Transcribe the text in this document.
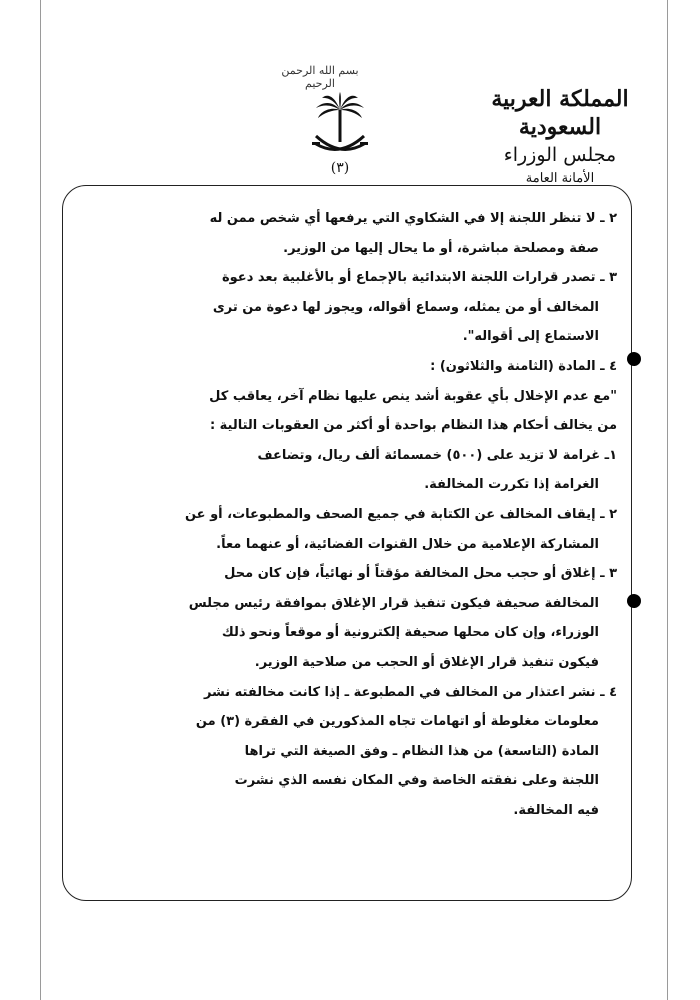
بسم الله الرحمن الرحيم
(٣)
المملكة العربية السعودية
مجلس الوزراء
الأمانة العامة
٢ ـ لا تنظر اللجنة إلا في الشكاوي التي يرفعها أي شخص ممن له
صفة ومصلحة مباشرة، أو ما يحال إليها من الوزير.
٣ ـ تصدر قرارات اللجنة الابتدائية بالإجماع أو بالأغلبية بعد دعوة
المخالف أو من يمثله، وسماع أقواله، ويجوز لها دعوة من ترى
الاستماع إلى أقواله".
٤ ـ المادة (الثامنة والثلاثون) :
"مع عدم الإخلال بأي عقوبة أشد ينص عليها نظام آخر، يعاقب كل
من يخالف أحكام هذا النظام بواحدة أو أكثر من العقوبات التالية :
١ـ غرامة لا تزيد على (٥٠٠) خمسمائة ألف ريال، وتضاعف
الغرامة إذا تكررت المخالفة.
٢ ـ إيقاف المخالف عن الكتابة في جميع الصحف والمطبوعات، أو عن
المشاركة الإعلامية من خلال القنوات الفضائية، أو عنهما معاً.
٣ ـ إغلاق أو حجب محل المخالفة مؤقتاً أو نهائياً، فإن كان محل
المخالفة صحيفة فيكون تنفيذ قرار الإغلاق بموافقة رئيس مجلس
الوزراء، وإن كان محلها صحيفة إلكترونية أو موقعاً ونحو ذلك
فيكون تنفيذ قرار الإغلاق أو الحجب من صلاحية الوزير.
٤ ـ نشر اعتذار من المخالف في المطبوعة ـ إذا كانت مخالفته نشر
معلومات مغلوطة أو اتهامات تجاه المذكورين في الفقرة (٣) من
المادة (التاسعة) من هذا النظام ـ وفق الصيغة التي تراها
اللجنة وعلى نفقته الخاصة وفي المكان نفسه الذي نشرت
فيه المخالفة.
